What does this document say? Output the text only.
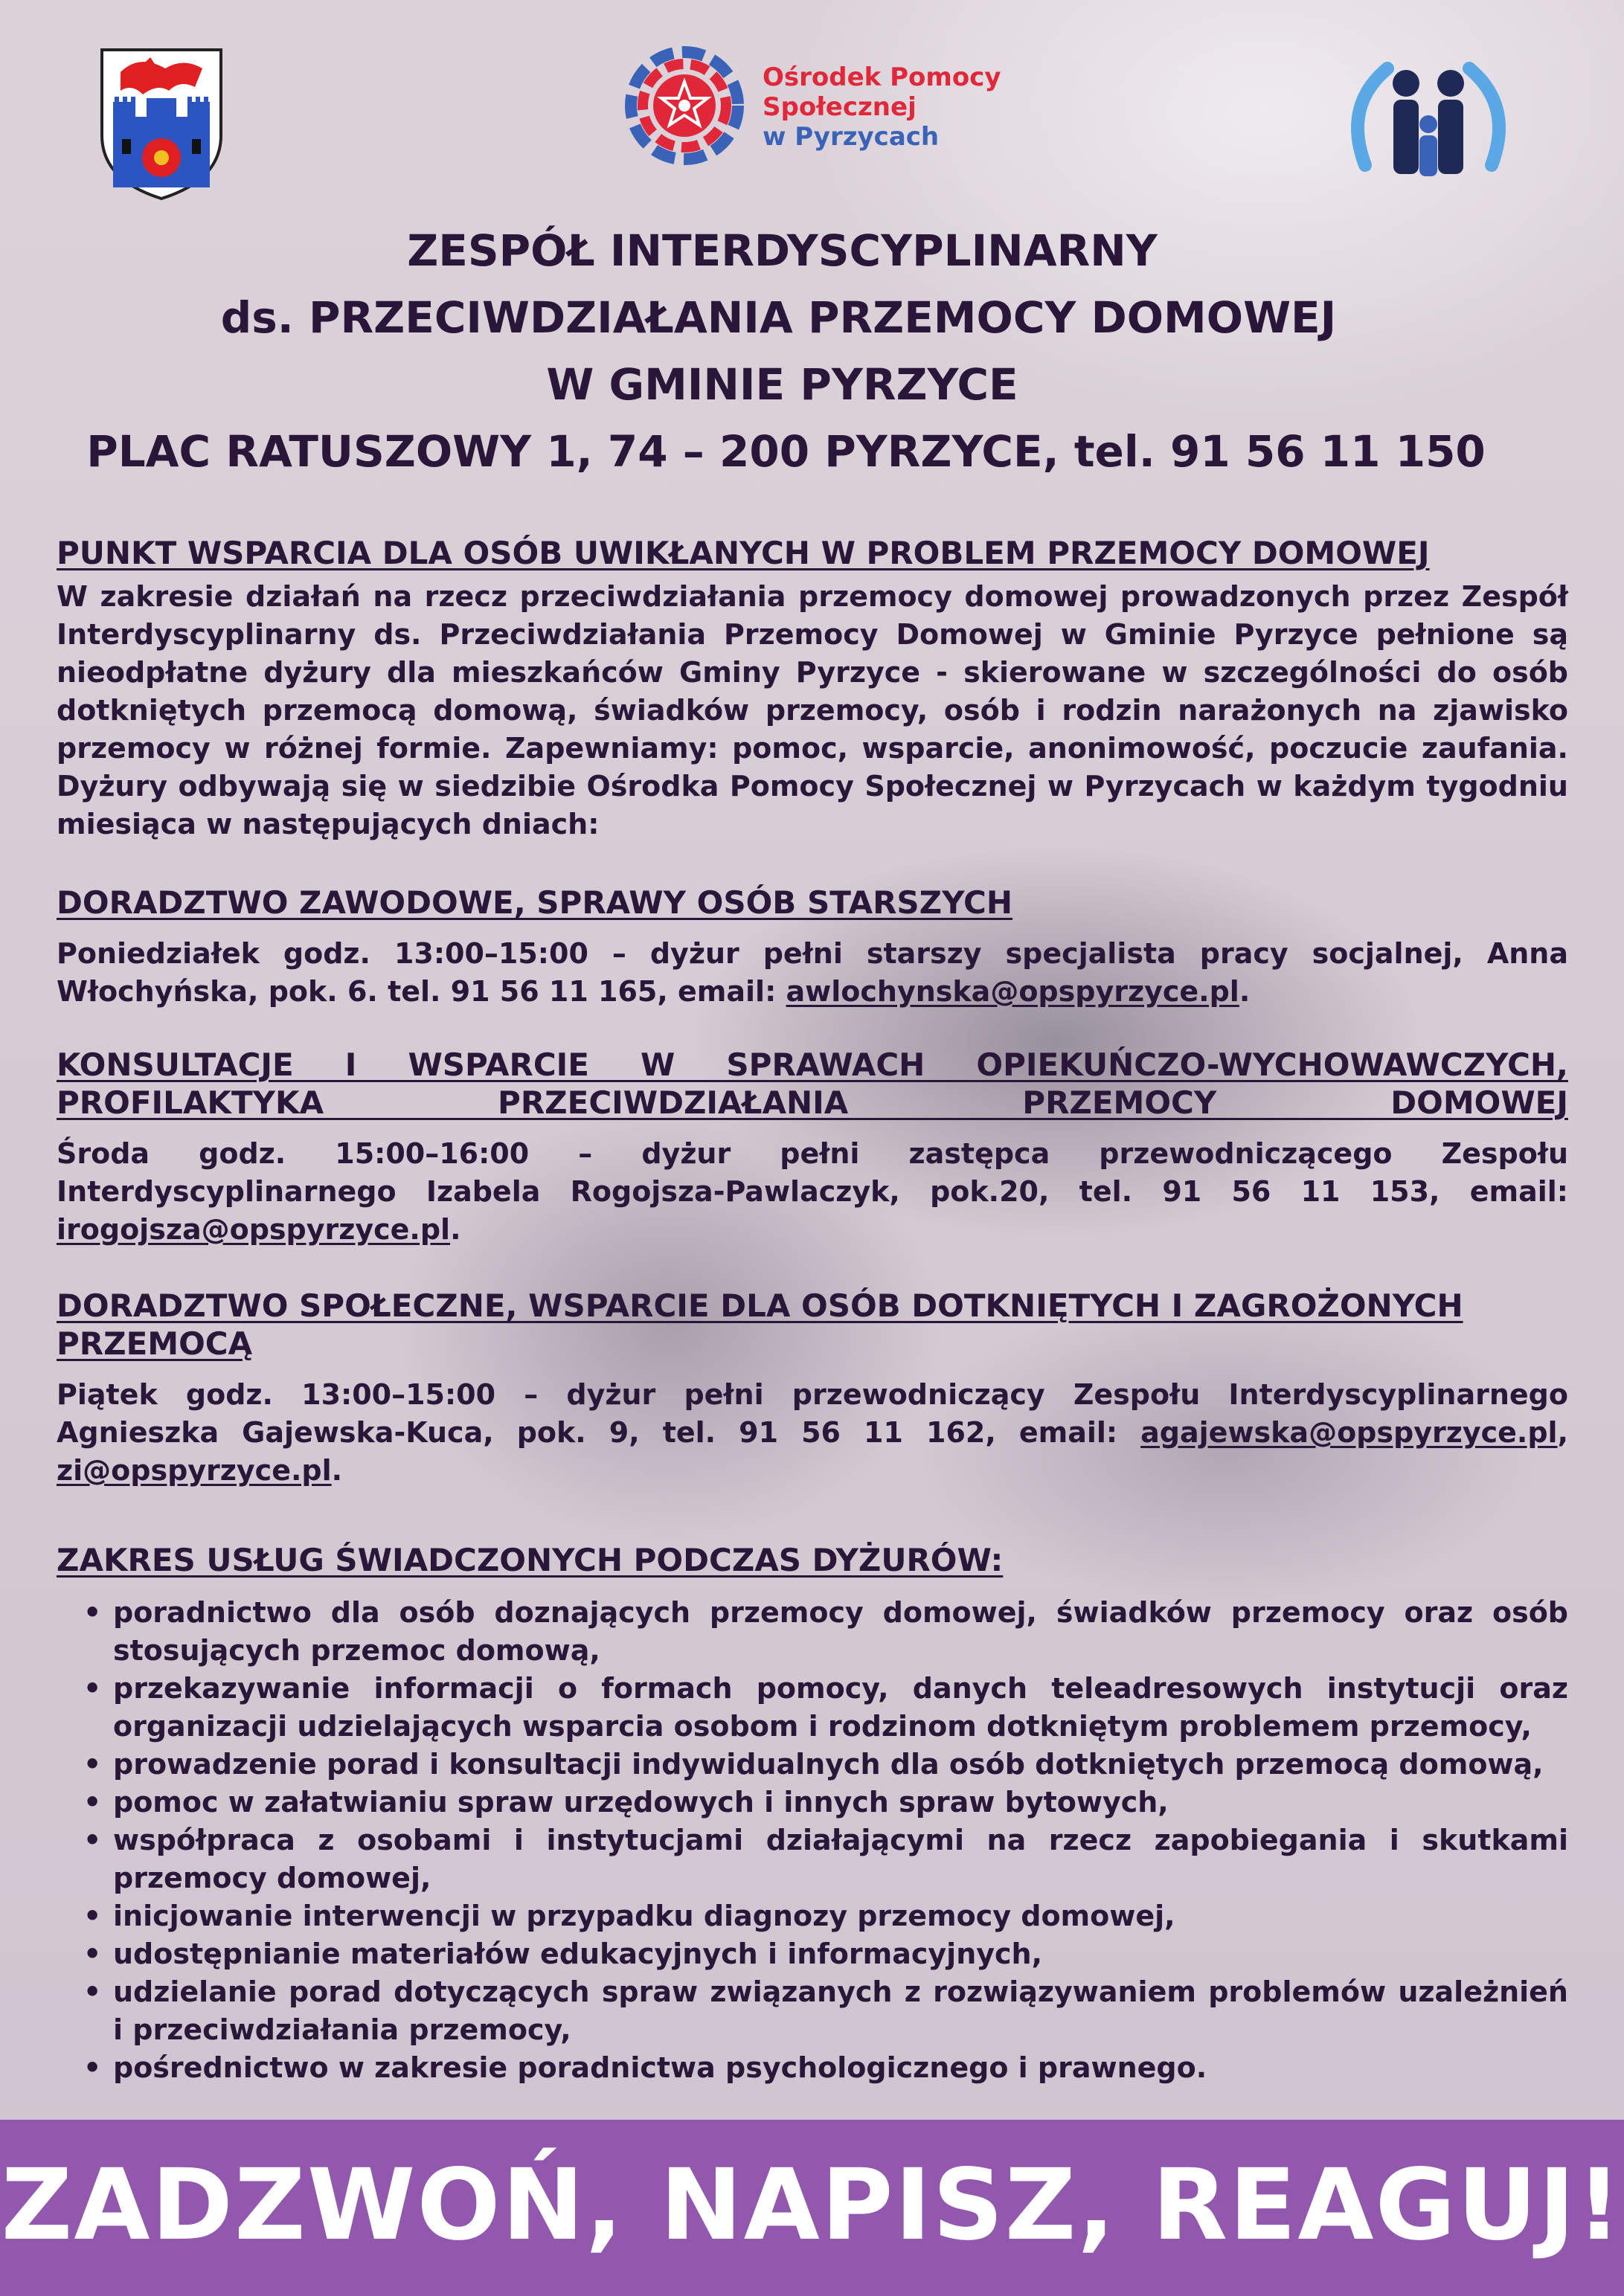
Ośrodek Pomocy
Społecznej
w Pyrzycach
ZESPÓŁ INTERDYSCYPLINARNY
ds. PRZECIWDZIAŁANIA PRZEMOCY DOMOWEJ
W GMINIE PYRZYCE
PLAC RATUSZOWY 1, 74 – 200 PYRZYCE, tel. 91 56 11 150

PUNKT WSPARCIA DLA OSÓB UWIKŁANYCH W PROBLEM PRZEMOCY DOMOWEJ

W zakresie działań na rzecz przeciwdziałania przemocy domowej prowadzonych przez Zespół Interdyscyplinarny ds. Przeciwdziałania Przemocy Domowej w Gminie Pyrzyce pełnione są nieodpłatne dyżury dla mieszkańców Gminy Pyrzyce - skierowane w szczególności do osób dotkniętych przemocą domową, świadków przemocy, osób i rodzin narażonych na zjawisko przemocy w różnej formie. Zapewniamy: pomoc, wsparcie, anonimowość, poczucie zaufania. Dyżury odbywają się w siedzibie Ośrodka Pomocy Społecznej w Pyrzycach w każdym tygodniu miesiąca w następujących dniach:

DORADZTWO ZAWODOWE, SPRAWY OSÓB STARSZYCH

Poniedziałek godz. 13:00–15:00 – dyżur pełni starszy specjalista pracy socjalnej, Anna Włochyńska, pok. 6. tel. 91 56 11 165, email: awlochynska@opspyrzyce.pl.

KONSULTACJE I WSPARCIE W SPRAWACH OPIEKUŃCZO-WYCHOWAWCZYCH, PROFILAKTYKA PRZECIWDZIAŁANIA PRZEMOCY DOMOWEJ

Środa godz. 15:00–16:00 – dyżur pełni zastępca przewodniczącego Zespołu Interdyscyplinarnego Izabela Rogojsza-Pawlaczyk, pok.20, tel. 91 56 11 153, email: irogojsza@opspyrzyce.pl.

DORADZTWO SPOŁECZNE, WSPARCIE DLA OSÓB DOTKNIĘTYCH I ZAGROŻONYCH PRZEMOCĄ

Piątek godz. 13:00–15:00 – dyżur pełni przewodniczący Zespołu Interdyscyplinarnego Agnieszka Gajewska-Kuca, pok. 9, tel. 91 56 11 162, email: agajewska@opspyrzyce.pl, zi@opspyrzyce.pl.

ZAKRES USŁUG ŚWIADCZONYCH PODCZAS DYŻURÓW:

• poradnictwo dla osób doznających przemocy domowej, świadków przemocy oraz osób stosujących przemoc domową,
• przekazywanie informacji o formach pomocy, danych teleadresowych instytucji oraz organizacji udzielających wsparcia osobom i rodzinom dotkniętym problemem przemocy,
• prowadzenie porad i konsultacji indywidualnych dla osób dotkniętych przemocą domową,
• pomoc w załatwianiu spraw urzędowych i innych spraw bytowych,
• współpraca z osobami i instytucjami działającymi na rzecz zapobiegania i skutkami przemocy domowej,
• inicjowanie interwencji w przypadku diagnozy przemocy domowej,
• udostępnianie materiałów edukacyjnych i informacyjnych,
• udzielanie porad dotyczących spraw związanych z rozwiązywaniem problemów uzależnień i przeciwdziałania przemocy,
• pośrednictwo w zakresie poradnictwa psychologicznego i prawnego.
ZADZWOŃ, NAPISZ, REAGUJ!
